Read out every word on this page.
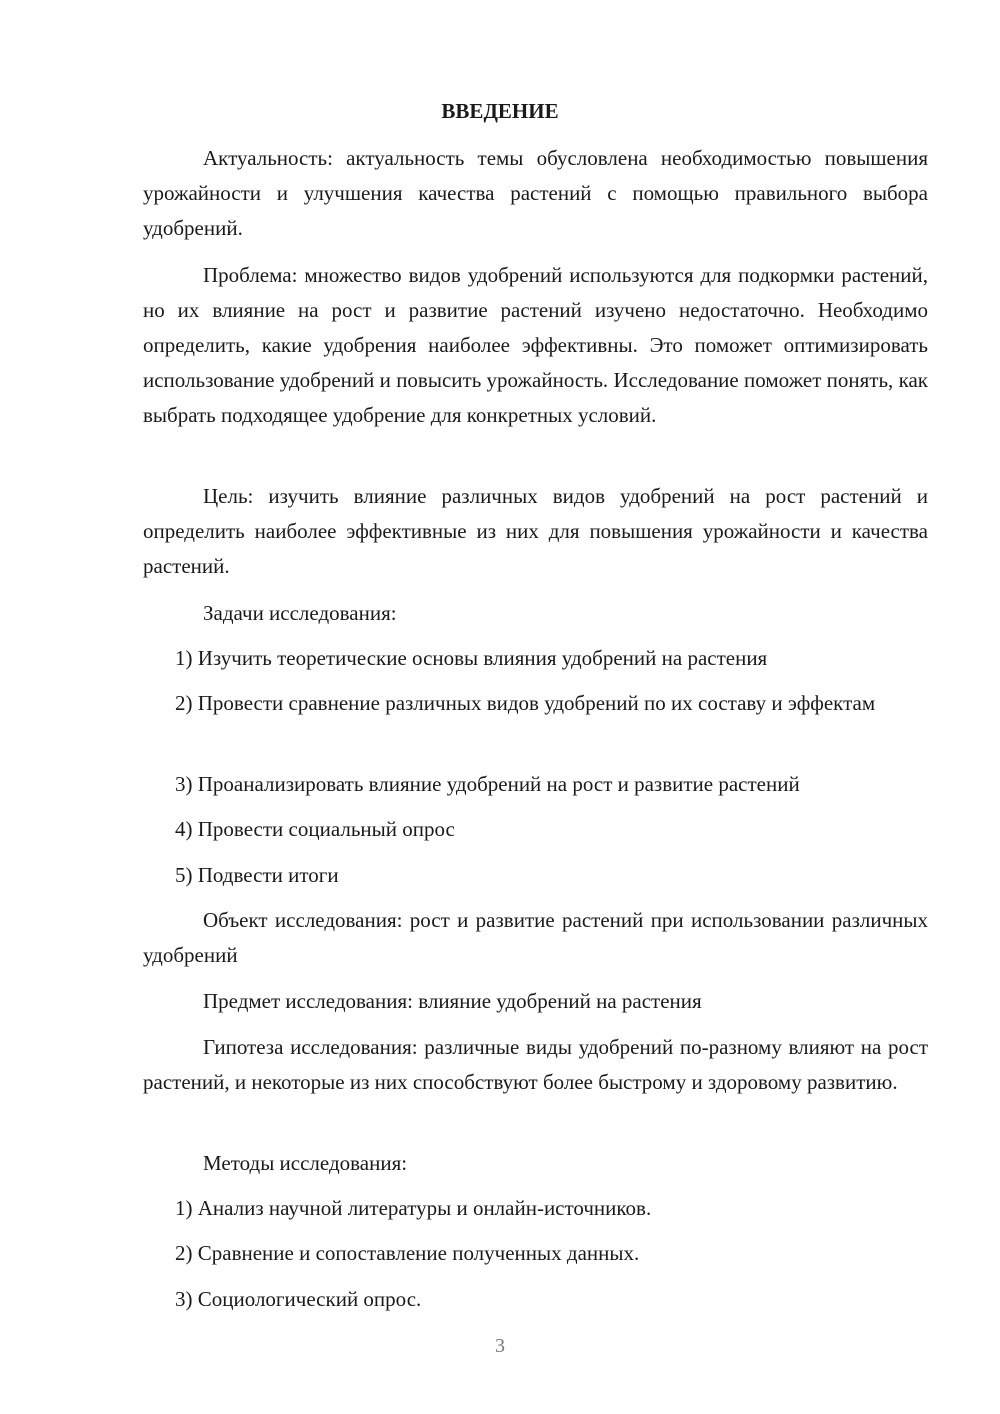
ВВЕДЕНИЕ

Актуальность: актуальность темы обусловлена необходимостью повышения урожайности и улучшения качества растений с помощью правильного выбора удобрений.

Проблема: множество видов удобрений используются для подкормки растений, но их влияние на рост и развитие растений изучено недостаточно. Необходимо определить, какие удобрения наиболее эффективны. Это поможет оптимизировать использование удобрений и повысить урожайность. Исследование поможет понять, как выбрать подходящее удобрение для конкретных условий.

Цель: изучить влияние различных видов удобрений на рост растений и определить наиболее эффективные из них для повышения урожайности и качества растений.

Задачи исследования:

1) Изучить теоретические основы влияния удобрений на растения

2) Провести сравнение различных видов удобрений по их составу и эффектам

3) Проанализировать влияние удобрений на рост и развитие растений

4) Провести социальный опрос

5) Подвести итоги

Объект исследования: рост и развитие растений при использовании различных удобрений

Предмет исследования: влияние удобрений на растения

Гипотеза исследования: различные виды удобрений по-разному влияют на рост растений, и некоторые из них способствуют более быстрому и здоровому развитию.

Методы исследования:

1) Анализ научной литературы и онлайн-источников.

2) Сравнение и сопоставление полученных данных.

3) Социологический опрос.

3
